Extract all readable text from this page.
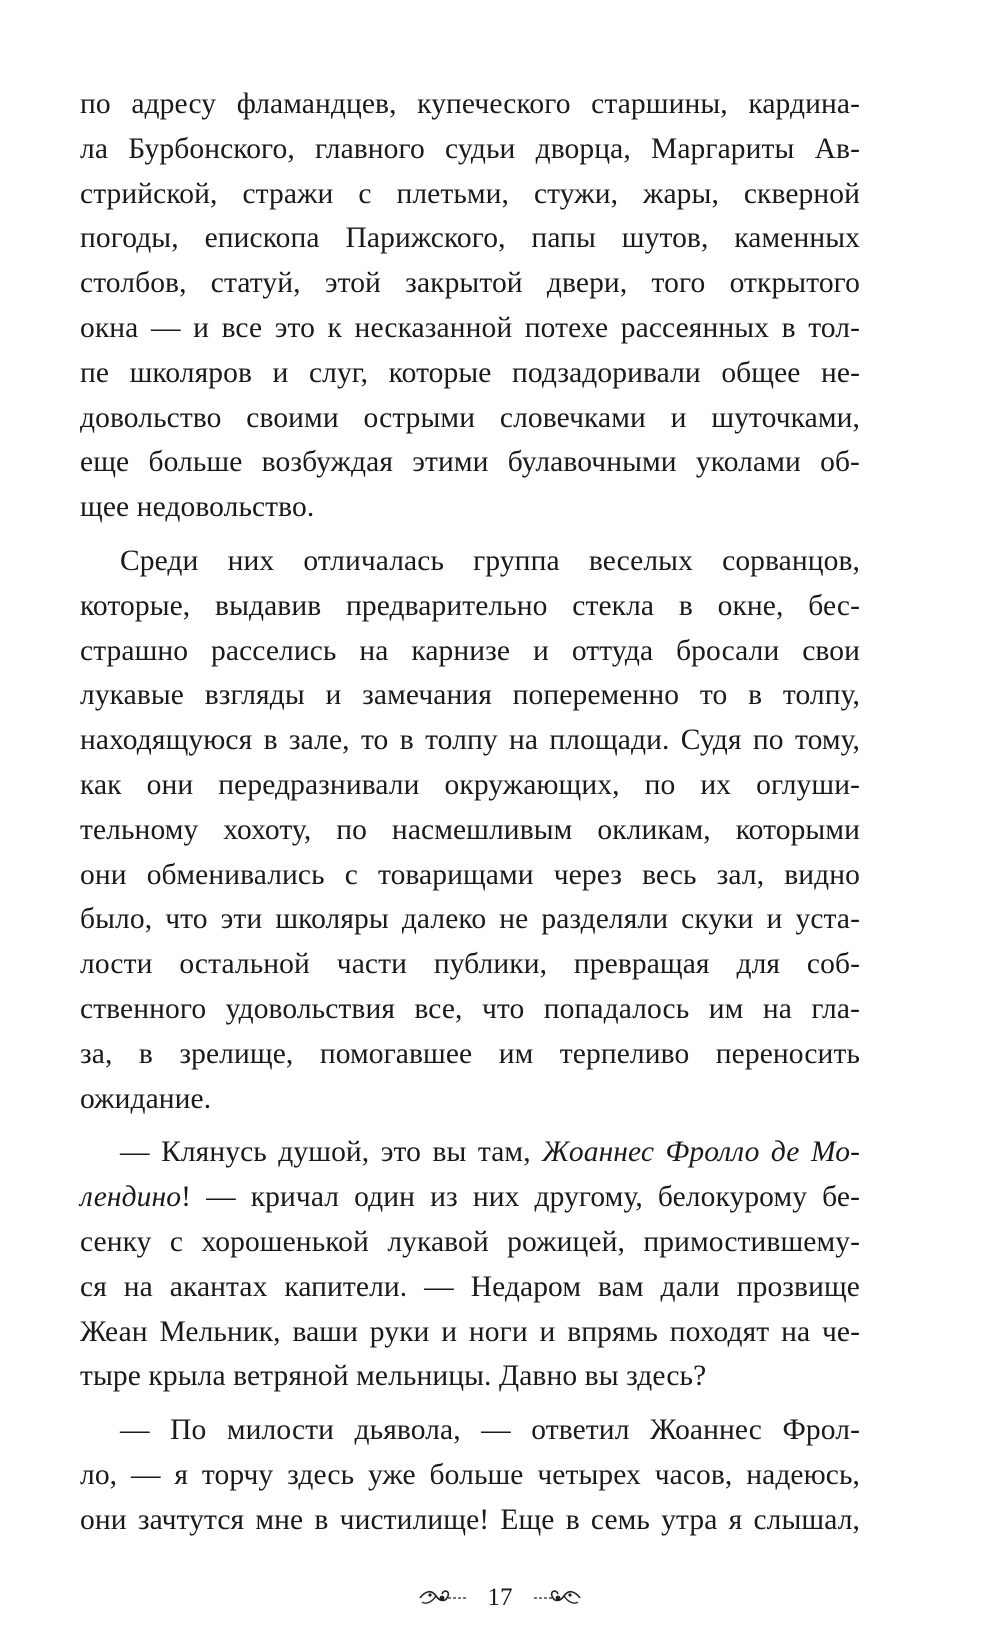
по адресу фламандцев, купеческого старшины, кардина-
ла Бурбонского, главного судьи дворца, Маргариты Ав-
стрийской, стражи с плетьми, стужи, жары, скверной
погоды, епископа Парижского, папы шутов, каменных
столбов, статуй, этой закрытой двери, того открытого
окна — и все это к несказанной потехе рассеянных в тол-
пе школяров и слуг, которые подзадоривали общее не-
довольство своими острыми словечками и шуточками,
еще больше возбуждая этими булавочными уколами об-
щее недовольство.
Среди них отличалась группа веселых сорванцов,
которые, выдавив предварительно стекла в окне, бес-
страшно расселись на карнизе и оттуда бросали свои
лукавые взгляды и замечания попеременно то в толпу,
находящуюся в зале, то в толпу на площади. Судя по тому,
как они передразнивали окружающих, по их оглуши-
тельному хохоту, по насмешливым окликам, которыми
они обменивались с товарищами через весь зал, видно
было, что эти школяры далеко не разделяли скуки и уста-
лости остальной части публики, превращая для соб-
ственного удовольствия все, что попадалось им на гла-
за, в зрелище, помогавшее им терпеливо переносить
ожидание.
— Клянусь душой, это вы там, Жоаннес Фролло де Мо-
лендино! — кричал один из них другому, белокурому бе-
сенку с хорошенькой лукавой рожицей, примостившему-
ся на акантах капители. — Недаром вам дали прозвище
Жеан Мельник, ваши руки и ноги и впрямь походят на че-
тыре крыла ветряной мельницы. Давно вы здесь?
— По милости дьявола, — ответил Жоаннес Фрол-
ло, — я торчу здесь уже больше четырех часов, надеюсь,
они зачтутся мне в чистилище! Еще в семь утра я слышал,
17
